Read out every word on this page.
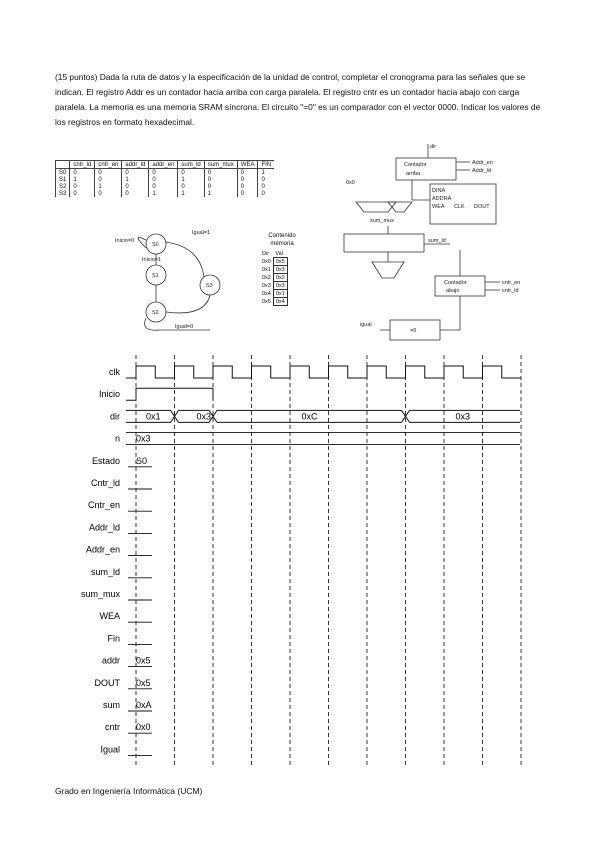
(15 puntos) Dada la ruta de datos y la especificación de la unidad de control, completar el cronograma para las señales que se indican. El registro Addr es un contador hacia arriba con carga paralela. El registro cntr es un contador hacia abajo con carga paralela. La memoria es una memoria SRAM síncrona. El circuito "=0" es un comparador con el vector 0000. Indicar los valores de los registros en formato hexadecimal.
	cntr_ld	cntr_en	addr_ld	addr_en	sum_ld	sum_mux	WEA	FIN
S0	0	0	0	0	0	0	0	1
S1	1	0	1	0	1	0	0	0
S2	0	1	0	0	0	0	0	0
S3	0	0	0	1	1	1	0	0
S0
S1
S3
S2
Inicio=0
Inicio=1
Igual=1
Igual=0
Contenido
memoria
Dir	Val
0x0	0x5
0x1	0x3
0x2	0x2
0x3	0x3
0x4	0x1
0x5	0x4
dir
Contador
arriba
Addr_en
Addr_ld
DINA
ADDRA
WEA CLK DOUT
sum_mux
sum_ld
Contador
abajo
cntr_en
cntr_ld
igual
=0
0x0
clk
Inicio
dir
n
Estado
Cntr_ld
Cntr_en
Addr_ld
Addr_en
sum_ld
sum_mux
WEA
Fin
addr
DOUT
sum
cntr
Igual
0x1	0x3	0xC	0x3
0x3
S0
0x5
0x5
0xA
0x0
Grado en Ingeniería Informática (UCM)
